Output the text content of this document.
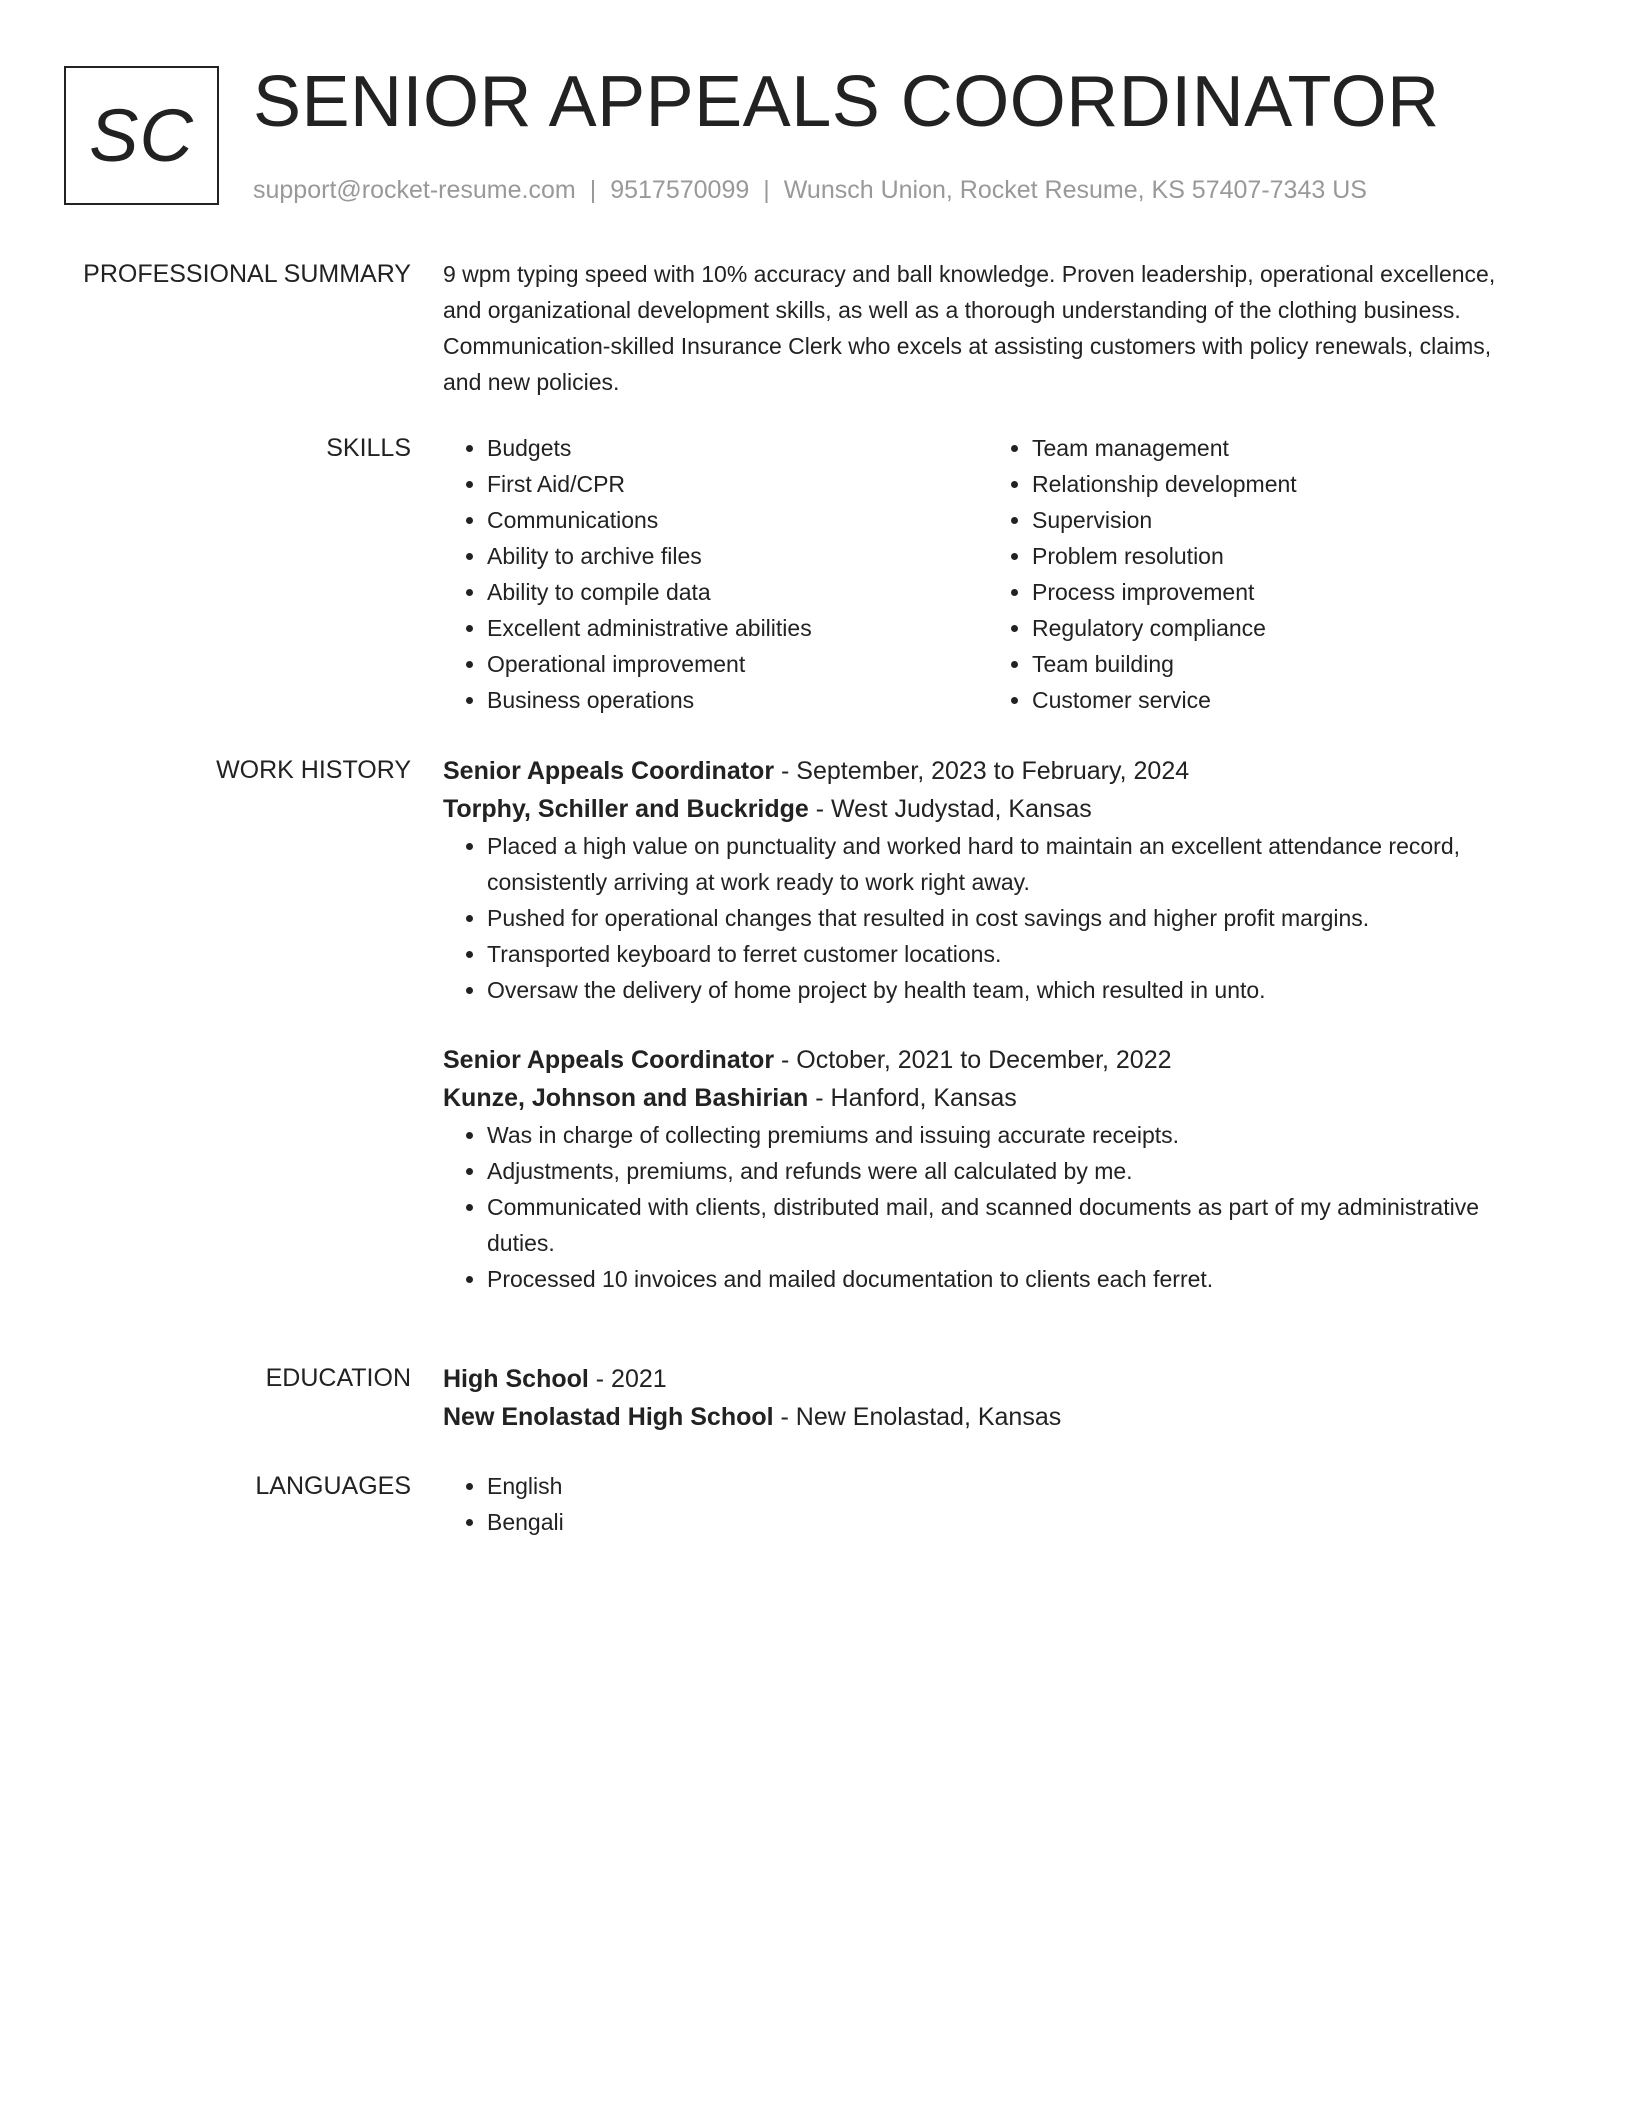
SC SENIOR APPEALS COORDINATOR
support@rocket-resume.com | 9517570099 | Wunsch Union, Rocket Resume, KS 57407-7343 US
PROFESSIONAL SUMMARY 9 wpm typing speed with 10% accuracy and ball knowledge. Proven leadership, operational excellence, and organizational development skills, as well as a thorough understanding of the clothing business. Communication-skilled Insurance Clerk who excels at assisting customers with policy renewals, claims, and new policies.

SKILLS	• Budgets
• First Aid/CPR
• Communications
• Ability to archive files
• Ability to compile data
• Excellent administrative abilities
• Operational improvement
• Business operations
• Team management
• Relationship development
• Supervision
• Problem resolution
• Process improvement
• Regulatory compliance
• Team building
• Customer service
WORK HISTORY Senior Appeals Coordinator - September, 2023 to February, 2024
Torphy, Schiller and Buckridge - West Judystad, Kansas
• Placed a high value on punctuality and worked hard to maintain an excellent attendance record, consistently arriving at work ready to work right away.
• Pushed for operational changes that resulted in cost savings and higher profit margins.
• Transported keyboard to ferret customer locations.
• Oversaw the delivery of home project by health team, which resulted in unto.
Senior Appeals Coordinator - October, 2021 to December, 2022
Kunze, Johnson and Bashirian - Hanford, Kansas
• Was in charge of collecting premiums and issuing accurate receipts.
• Adjustments, premiums, and refunds were all calculated by me.
• Communicated with clients, distributed mail, and scanned documents as part of my administrative duties.
• Processed 10 invoices and mailed documentation to clients each ferret.
EDUCATION High School - 2021
New Enolastad High School - New Enolastad, Kansas
LANGUAGES	• English
• Bengali
